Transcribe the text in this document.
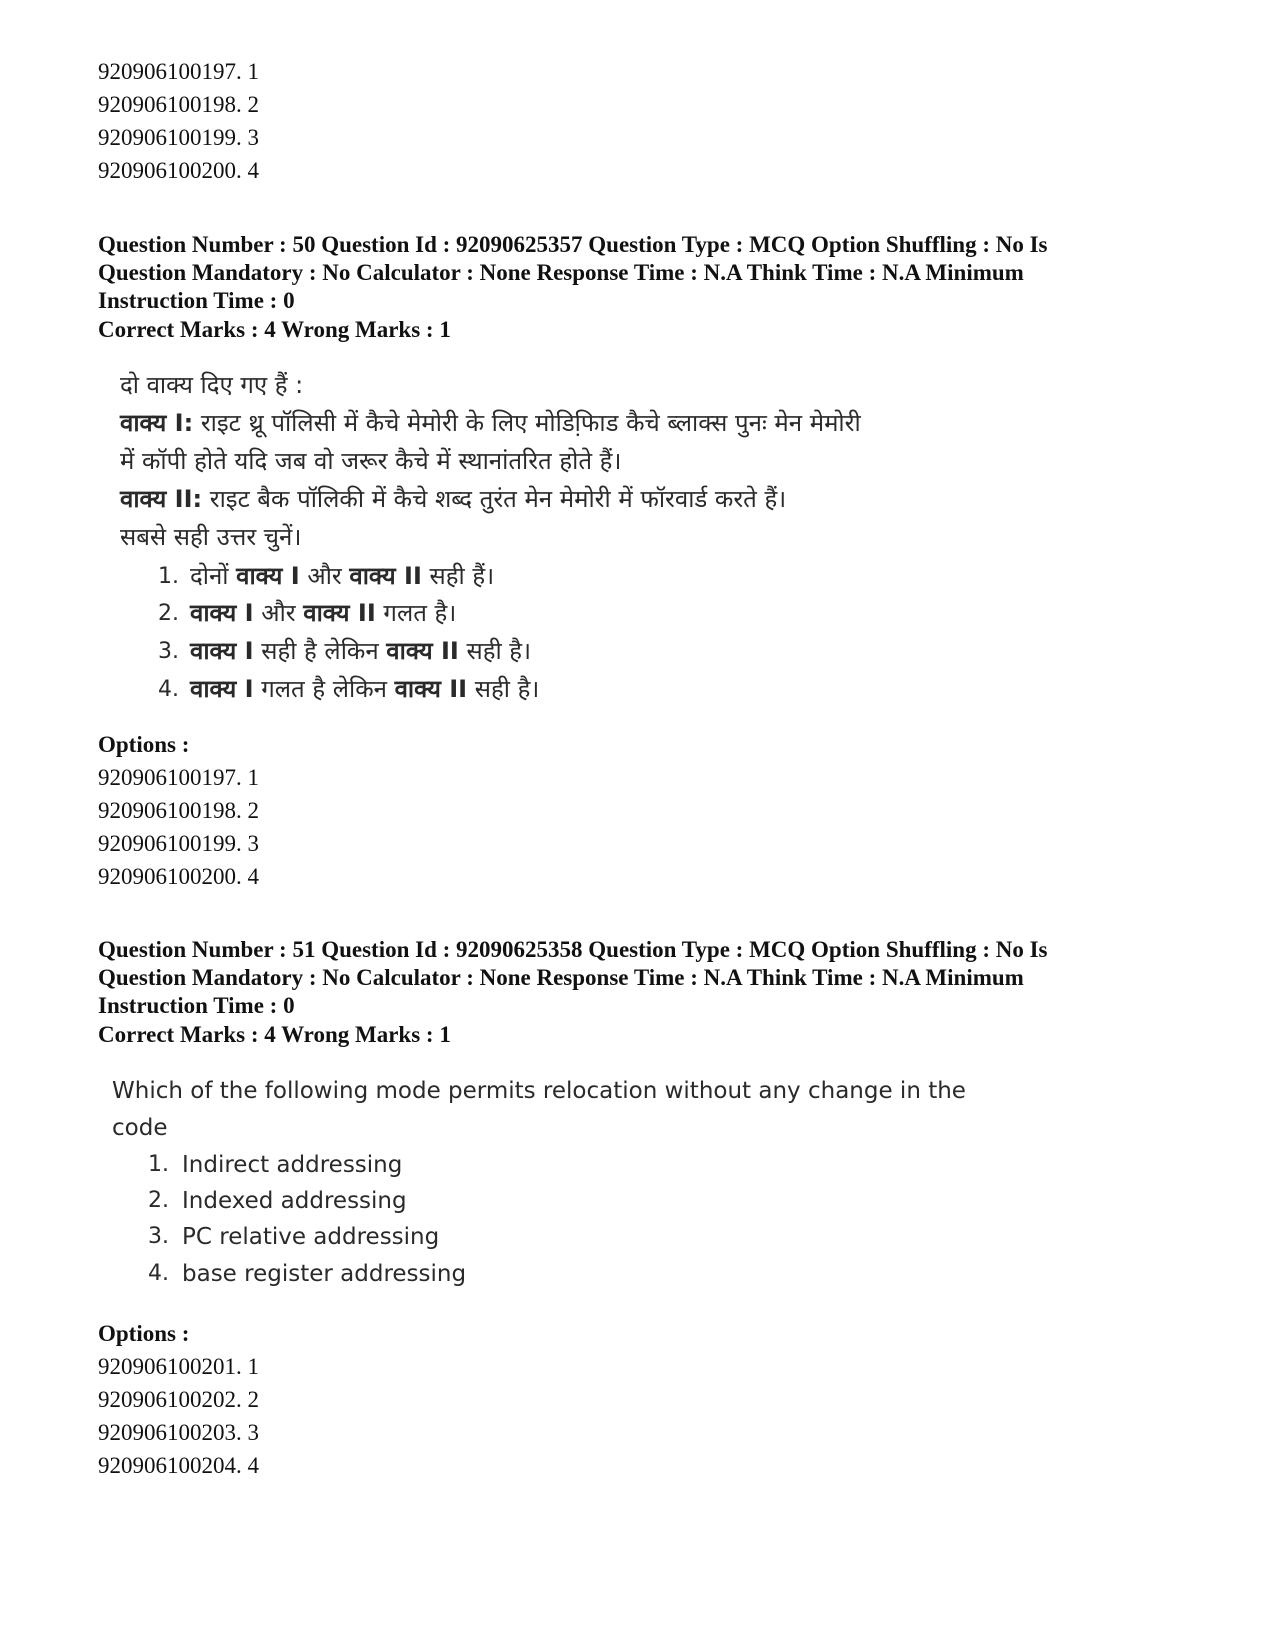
920906100197. 1
920906100198. 2
920906100199. 3
920906100200. 4
Question Number : 50 Question Id : 92090625357 Question Type : MCQ Option Shuffling : No Is
Question Mandatory : No Calculator : None Response Time : N.A Think Time : N.A Minimum
Instruction Time : 0
Correct Marks : 4 Wrong Marks : 1
दो वाक्य दिए गए हैं :
वाक्य I: राइट थ्रू पॉलिसी में कैचे मेमोरी के लिए मोडिफाि़ड कैचे ब्लाक्स पुनः मेन मेमोरी
में कॉपी होते यदि जब वो जरूर कैचे में स्थानांतरित होते हैं।
वाक्य II: राइट बैक पॉलिकी में कैचे शब्द तुरंत मेन मेमोरी में फॉरवार्ड करते हैं।
सबसे सही उत्तर चुनें।
1. दोनों वाक्य I और वाक्य II सही हैं।
2. वाक्य I और वाक्य II गलत है।
3. वाक्य I सही है लेकिन वाक्य II सही है।
4. वाक्य I गलत है लेकिन वाक्य II सही है।
Options :
920906100197. 1
920906100198. 2
920906100199. 3
920906100200. 4
Question Number : 51 Question Id : 92090625358 Question Type : MCQ Option Shuffling : No Is
Question Mandatory : No Calculator : None Response Time : N.A Think Time : N.A Minimum
Instruction Time : 0
Correct Marks : 4 Wrong Marks : 1
Which of the following mode permits relocation without any change in the
code
1. Indirect addressing
2. Indexed addressing
3. PC relative addressing
4. base register addressing
Options :
920906100201. 1
920906100202. 2
920906100203. 3
920906100204. 4
